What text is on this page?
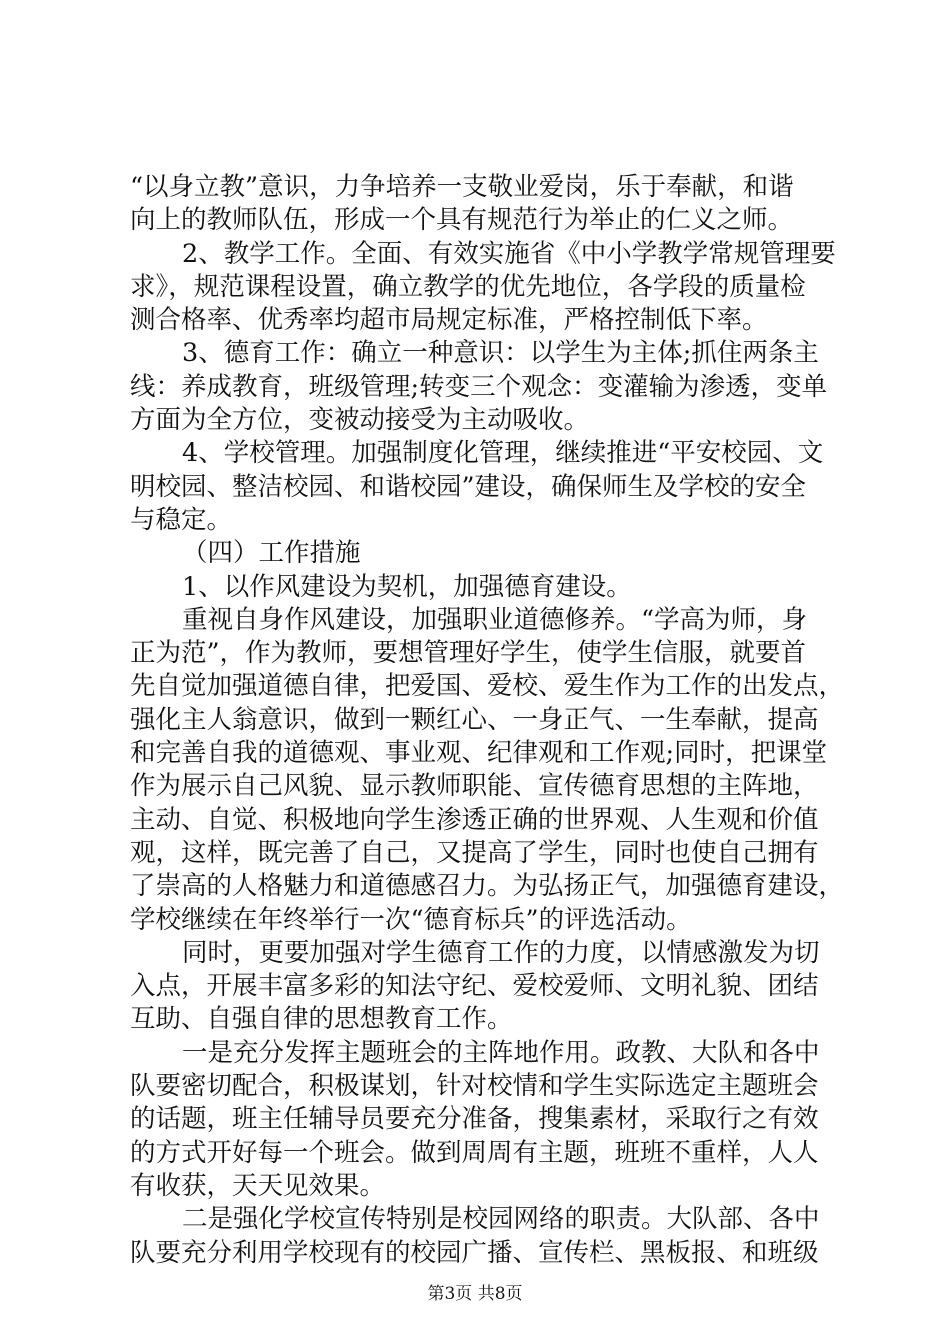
“以身立教”意识，力争培养一支敬业爱岗，乐于奉献，和谐
向上的教师队伍，形成一个具有规范行为举止的仁义之师。
2、教学工作。全面、有效实施省《中小学教学常规管理要
求》，规范课程设置，确立教学的优先地位，各学段的质量检
测合格率、优秀率均超市局规定标准，严格控制低下率。
3、德育工作：确立一种意识：以学生为主体;抓住两条主
线：养成教育，班级管理;转变三个观念：变灌输为渗透，变单
方面为全方位，变被动接受为主动吸收。
4、学校管理。加强制度化管理，继续推进“平安校园、文
明校园、整洁校园、和谐校园”建设，确保师生及学校的安全
与稳定。
（四）工作措施
1、以作风建设为契机，加强德育建设。
重视自身作风建设，加强职业道德修养。“学高为师，身
正为范”，作为教师，要想管理好学生，使学生信服，就要首
先自觉加强道德自律，把爱国、爱校、爱生作为工作的出发点，
强化主人翁意识，做到一颗红心、一身正气、一生奉献，提高
和完善自我的道德观、事业观、纪律观和工作观;同时，把课堂
作为展示自己风貌、显示教师职能、宣传德育思想的主阵地，
主动、自觉、积极地向学生渗透正确的世界观、人生观和价值
观，这样，既完善了自己，又提高了学生，同时也使自己拥有
了崇高的人格魅力和道德感召力。为弘扬正气，加强德育建设，
学校继续在年终举行一次“德育标兵”的评选活动。
同时，更要加强对学生德育工作的力度，以情感激发为切
入点，开展丰富多彩的知法守纪、爱校爱师、文明礼貌、团结
互助、自强自律的思想教育工作。
一是充分发挥主题班会的主阵地作用。政教、大队和各中
队要密切配合，积极谋划，针对校情和学生实际选定主题班会
的话题，班主任辅导员要充分准备，搜集素材，采取行之有效
的方式开好每一个班会。做到周周有主题，班班不重样，人人
有收获，天天见效果。
二是强化学校宣传特别是校园网络的职责。大队部、各中
队要充分利用学校现有的校园广播、宣传栏、黑板报、和班级
第3页 共8页
